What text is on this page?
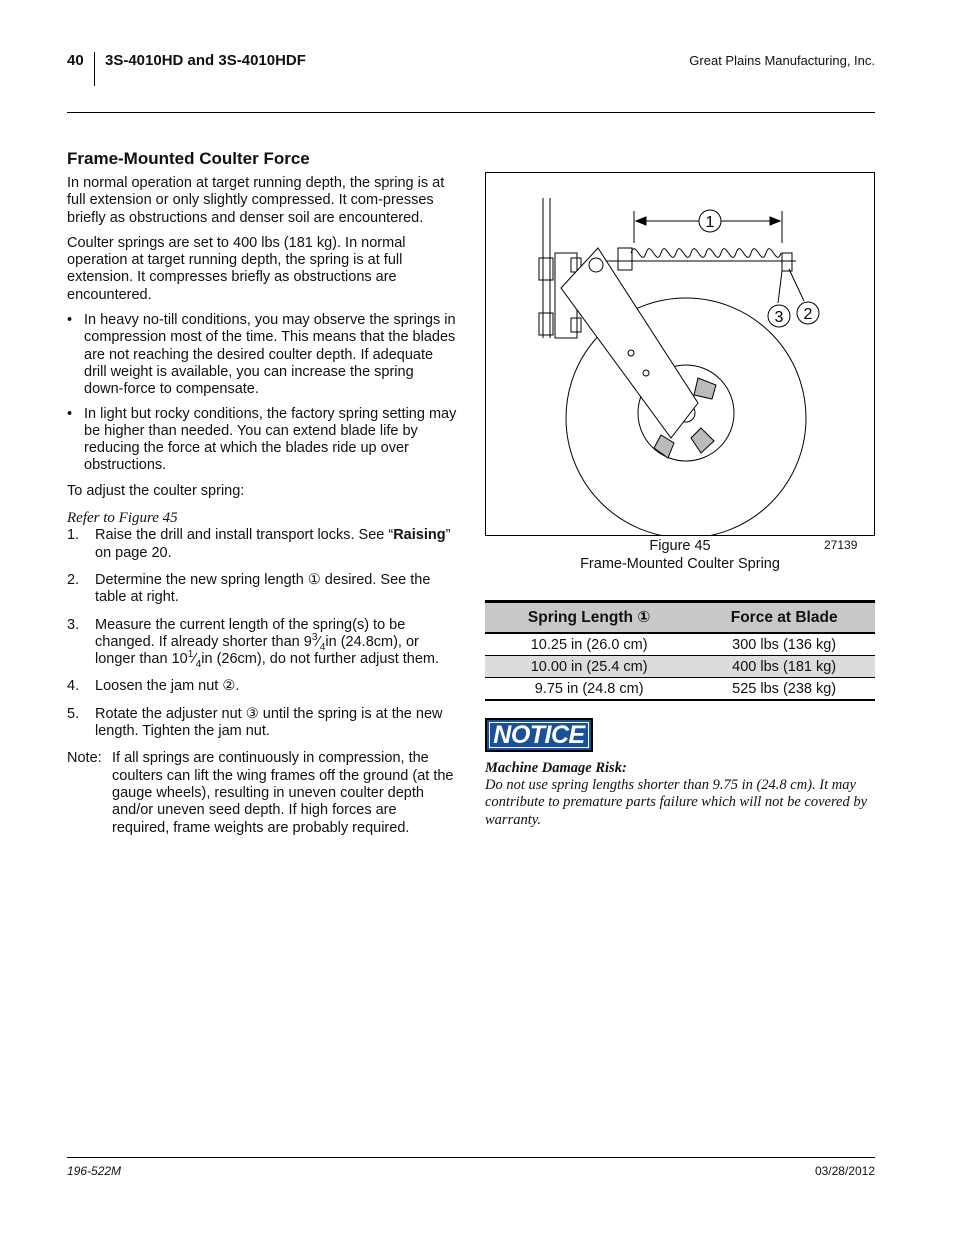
40 3S-4010HD and 3S-4010HDF	Great Plains Manufacturing, Inc.
Frame-Mounted Coulter Force

In normal operation at target running depth, the spring is at full extension or only slightly compressed. It com-presses briefly as obstructions and denser soil are encountered.

Coulter springs are set to 400 lbs (181 kg). In normal operation at target running depth, the spring is at full extension. It compresses briefly as obstructions are encountered.

• In heavy no-till conditions, you may observe the springs in compression most of the time. This means that the blades are not reaching the desired coulter depth. If adequate drill weight is available, you can increase the spring down-force to compensate.
• In light but rocky conditions, the factory spring setting may be higher than needed. You can extend blade life by reducing the force at which the blades ride up over obstructions.

To adjust the coulter spring:

Refer to Figure 45
1. Raise the drill and install transport locks. See “Raising” on page 20.
2. Determine the new spring length ① desired. See the table at right.
3. Measure the current length of the spring(s) to be changed. If already shorter than $9^3⁄_4in$ (24.8cm), or longer than $10^1⁄_4in$ (26cm), do not further adjust them.
4. Loosen the jam nut ②.
5. Rotate the adjuster nut ③ until the spring is at the new length. Tighten the jam nut.
Note: If all springs are continuously in compression, the coulters can lift the wing frames off the ground (at the gauge wheels), resulting in uneven coulter depth and/or uneven seed depth. If high forces are required, frame weights are probably required.
1
2
3
Figure 45
Frame-Mounted Coulter Spring
27139
Spring Length ①	Force at Blade
10.25 in (26.0 cm)	300 lbs (136 kg)
10.00 in (25.4 cm)	400 lbs (181 kg)
9.75 in (24.8 cm)	525 lbs (238 kg)
NOTICE
Machine Damage Risk:
Do not use spring lengths shorter than 9.75 in (24.8 cm). It may contribute to premature parts failure which will not be covered by warranty.
196-522M	03/28/2012
